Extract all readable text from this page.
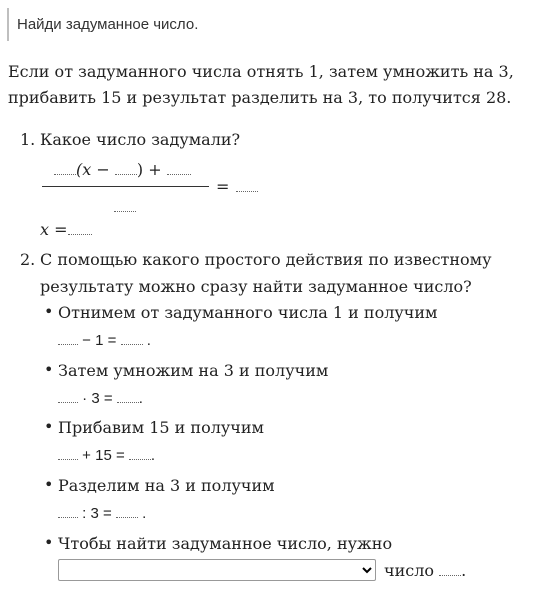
Найди задуманное число.
Если от задуманного числа отнять 1, затем умножить на 3, прибавить 15 и результат разделить на 3, то получится 28.
1. Какое число задумали?
(x − ) +
=
x =
2. С помощью какого простого действия по известному
результату можно сразу найти задуманное число?
• Отнимем от задуманного числа 1 и получим
− 1 = .
• Затем умножим на 3 и получим
· 3 = .
• Прибавим 15 и получим
+ 15 = .
• Разделим на 3 и получим
: 3 = .
• Чтобы найти задуманное число, нужно
число .
